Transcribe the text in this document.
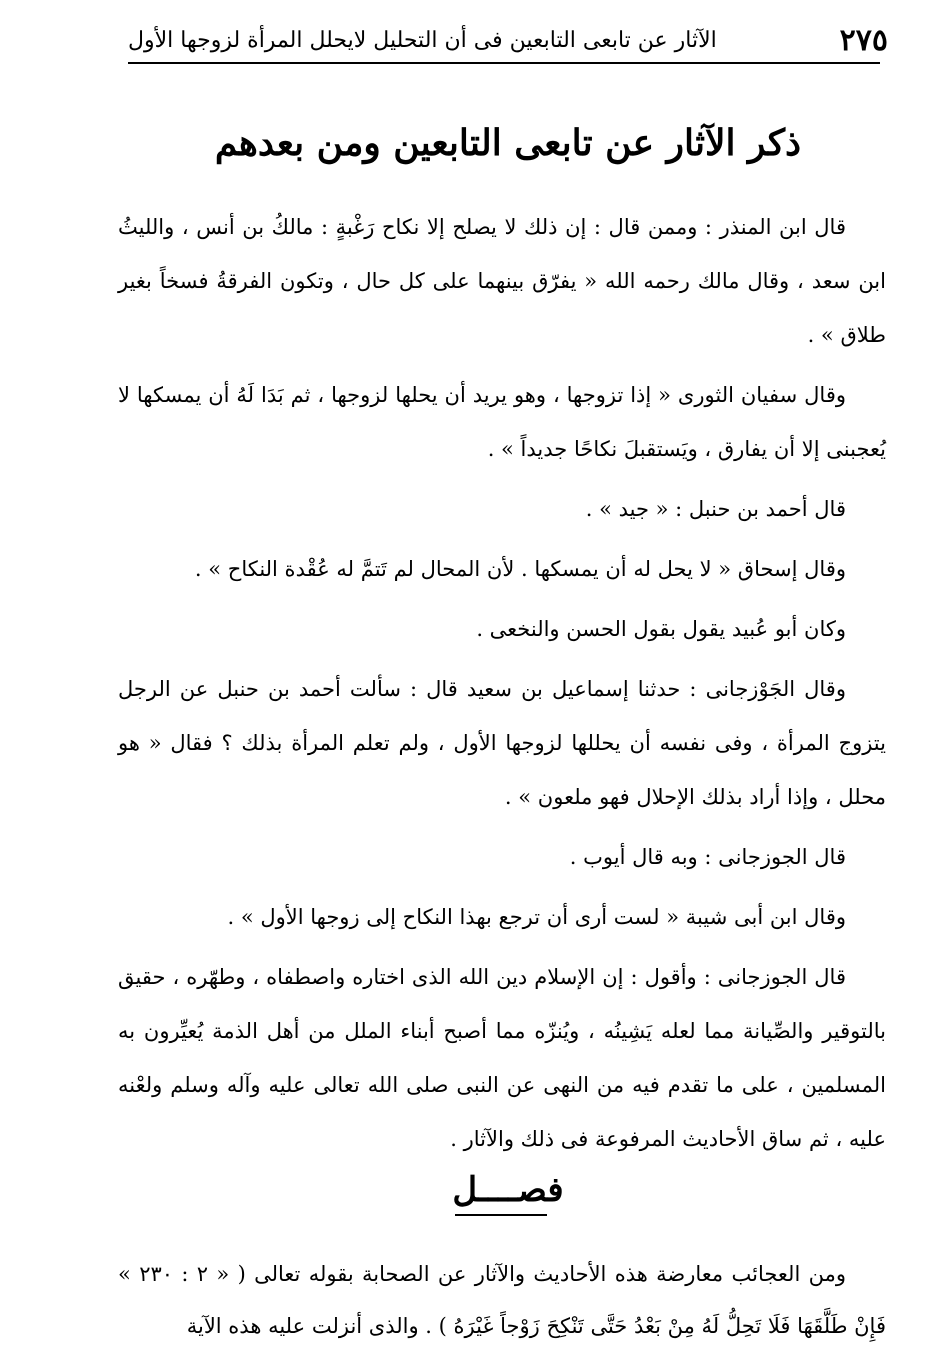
الآثار عن تابعى التابعين فى أن التحليل لايحلل المرأة لزوجها الأول	٢٧٥
ذكر الآثار عن تابعى التابعين ومن بعدهم

قال ابن المنذر : وممن قال : إن ذلك لا يصلح إلا نكاح رَغْبةٍ : مالكُ بن أنس ، والليثُ ابن سعد ، وقال مالك رحمه الله « يفرّق بينهما على كل حال ، وتكون الفرقةُ فسخاً بغير طلاق » .

وقال سفيان الثورى « إذا تزوجها ، وهو يريد أن يحلها لزوجها ، ثم بَدَا لَهُ أن يمسكها لا يُعجبنى إلا أن يفارق ، ويَستقبلَ نكاحًا جديداً » .

قال أحمد بن حنبل : « جيد » .

وقال إسحاق « لا يحل له أن يمسكها . لأن المحال لم تَتمَّ له عُقْدة النكاح » .

وكان أبو عُبيد يقول بقول الحسن والنخعى .

وقال الجَوْزجانى : حدثنا إسماعيل بن سعيد قال : سألت أحمد بن حنبل عن الرجل يتزوج المرأة ، وفى نفسه أن يحللها لزوجها الأول ، ولم تعلم المرأة بذلك ؟ فقال « هو محلل ، وإذا أراد بذلك الإحلال فهو ملعون » .

قال الجوزجانى : وبه قال أيوب .

وقال ابن أبى شيبة « لست أرى أن ترجع بهذا النكاح إلى زوجها الأول » .

قال الجوزجانى : وأقول : إن الإسلام دين الله الذى اختاره واصطفاه ، وطهّره ، حقيق بالتوقير والصِّيانة مما لعله يَشِينُه ، ويُنزّه مما أصبح أبناء الملل من أهل الذمة يُعيِّرون به المسلمين ، على ما تقدم فيه من النهى عن النبى صلى الله تعالى عليه وآله وسلم ولعْنه عليه ، ثم ساق الأحاديث المرفوعة فى ذلك والآثار .

فصــــل

ومن العجائب معارضة هذه الأحاديث والآثار عن الصحابة بقوله تعالى ( « ٢ : ٢٣٠ » فَإِنْ طَلَّقَهَا فَلَا تَحِلُّ لَهُ مِنْ بَعْدُ حَتَّى تَنْكِحَ زَوْجاً غَيْرَهُ ) . والذى أنزلت عليه هذه الآية
